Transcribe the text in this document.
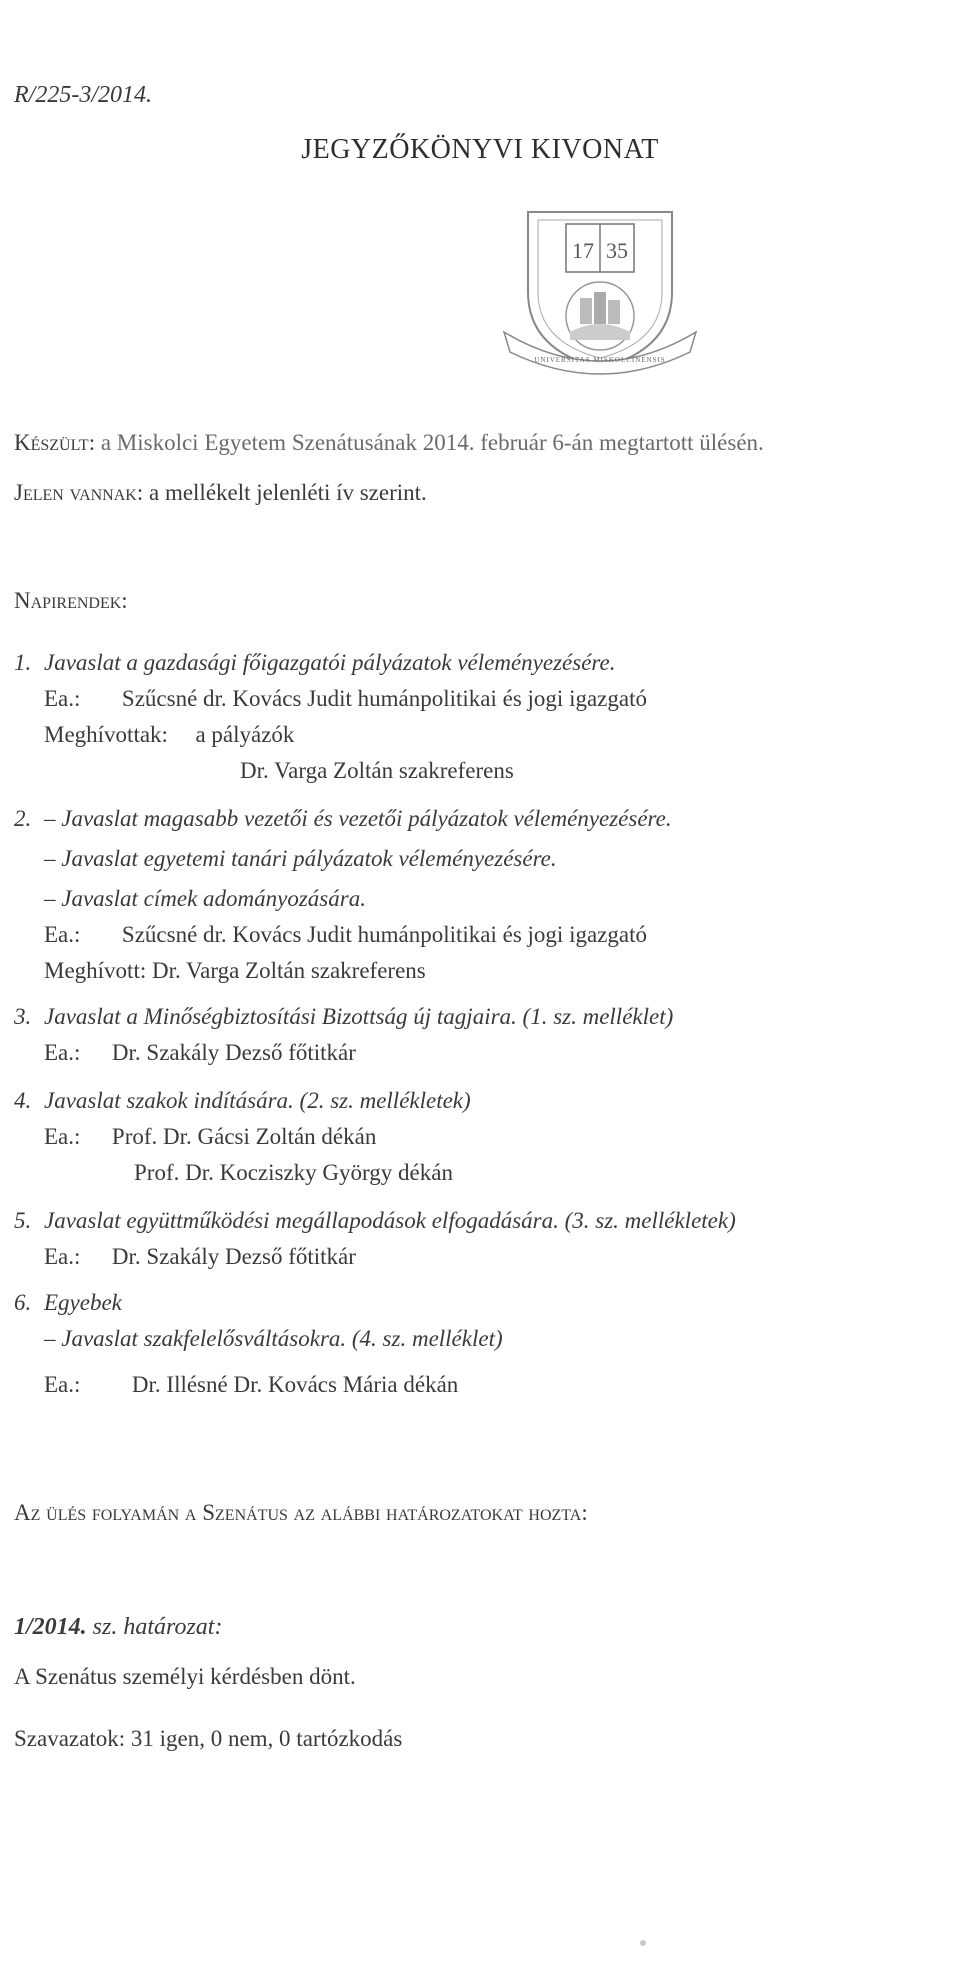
R/225-3/2014.
JEGYZŐKÖNYVI KIVONAT
17 35
UNIVERSITAS MISKOLCINENSIS
Készült: a Miskolci Egyetem Szenátusának 2014. február 6-án megtartott ülésén.
Jelen vannak: a mellékelt jelenléti ív szerint.
Napirendek:
1. Javaslat a gazdasági főigazgatói pályázatok véleményezésére.
Ea.: Szűcsné dr. Kovács Judit humánpolitikai és jogi igazgató
Meghívottak: a pályázók
Dr. Varga Zoltán szakreferens
2. – Javaslat magasabb vezetői és vezetői pályázatok véleményezésére.
– Javaslat egyetemi tanári pályázatok véleményezésére.
– Javaslat címek adományozására.
Ea.: Szűcsné dr. Kovács Judit humánpolitikai és jogi igazgató
Meghívott: Dr. Varga Zoltán szakreferens
3. Javaslat a Minőségbiztosítási Bizottság új tagjaira. (1. sz. melléklet)
Ea.: Dr. Szakály Dezső főtitkár
4. Javaslat szakok indítására. (2. sz. mellékletek)
Ea.: Prof. Dr. Gácsi Zoltán dékán
Prof. Dr. Kocziszky György dékán
5. Javaslat együttműködési megállapodások elfogadására. (3. sz. mellékletek)
Ea.: Dr. Szakály Dezső főtitkár
6. Egyebek
– Javaslat szakfelelősváltásokra. (4. sz. melléklet)
Ea.: Dr. Illésné Dr. Kovács Mária dékán
Az ülés folyamán a Szenátus az alábbi határozatokat hozta:
1/2014. sz. határozat:
A Szenátus személyi kérdésben dönt.
Szavazatok: 31 igen, 0 nem, 0 tartózkodás
